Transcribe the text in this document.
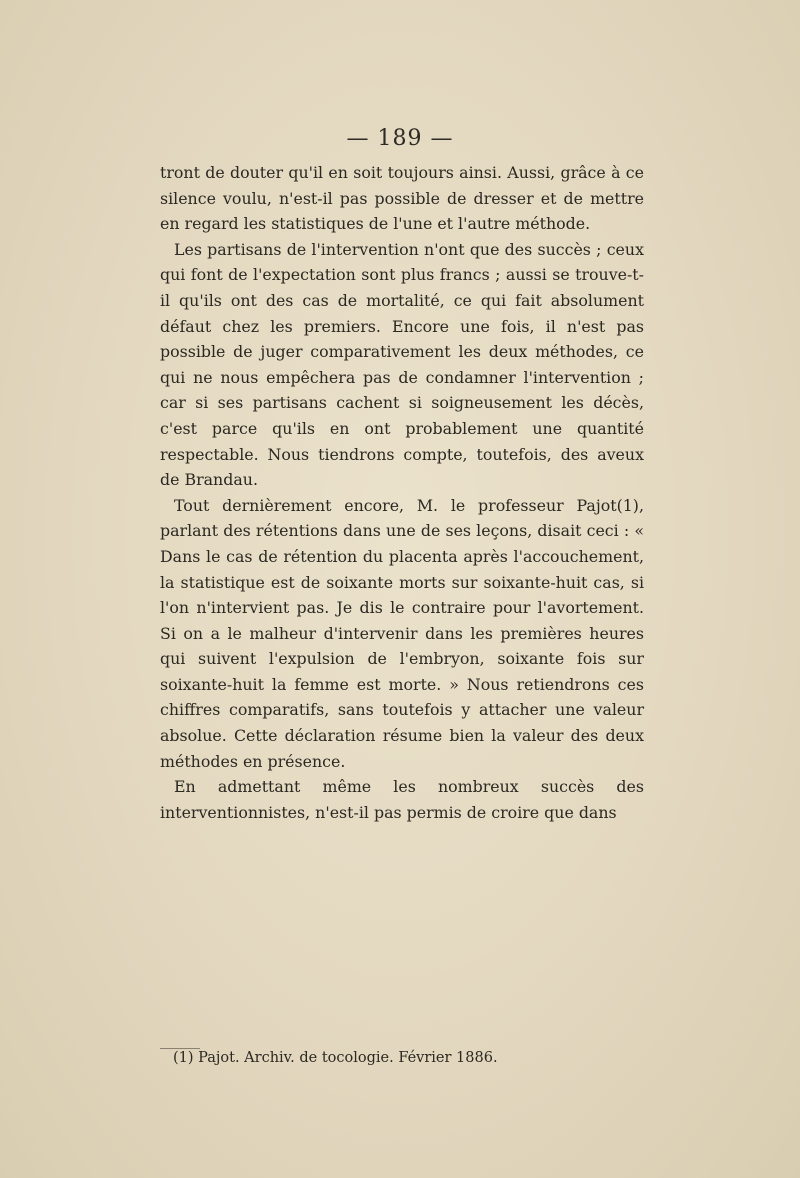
— 189 —

tront de douter qu'il en soit toujours ainsi. Aussi, grâce à ce silence voulu, n'est-il pas possible de dresser et de mettre en regard les statistiques de l'une et l'autre méthode.

Les partisans de l'intervention n'ont que des succès ; ceux qui font de l'expectation sont plus francs ; aussi se trouve-t-il qu'ils ont des cas de mortalité, ce qui fait absolument défaut chez les premiers. Encore une fois, il n'est pas possible de juger comparativement les deux méthodes, ce qui ne nous empêchera pas de condamner l'intervention ; car si ses partisans cachent si soigneusement les décès, c'est parce qu'ils en ont probablement une quantité respectable. Nous tiendrons compte, toutefois, des aveux de Brandau.

Tout dernièrement encore, M. le professeur Pajot(1), parlant des rétentions dans une de ses leçons, disait ceci : « Dans le cas de rétention du placenta après l'accouchement, la statistique est de soixante morts sur soixante-huit cas, si l'on n'intervient pas. Je dis le contraire pour l'avortement. Si on a le malheur d'intervenir dans les premières heures qui suivent l'expulsion de l'embryon, soixante fois sur soixante-huit la femme est morte. » Nous retiendrons ces chiffres comparatifs, sans toutefois y attacher une valeur absolue. Cette déclaration résume bien la valeur des deux méthodes en présence.

En admettant même les nombreux succès des interventionnistes, n'est-il pas permis de croire que dans

(1) Pajot. Archiv. de tocologie. Février 1886.
